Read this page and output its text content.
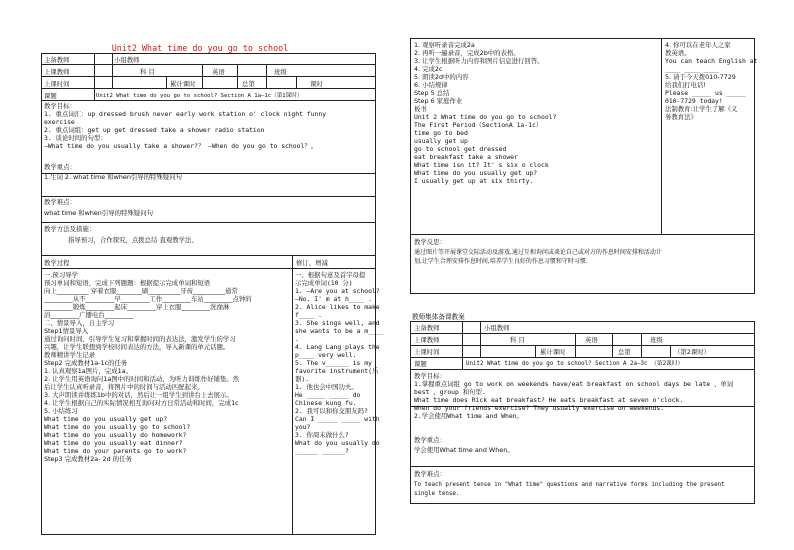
Unit2 What time do you go to school
主备教师	小组教师
上课教师	科 目	英语	班级
上课时间	累计课时	总第	课时
课题	Unit2 What time do you go to school? Section A 1a—1c（第1课时）
教学目标：
1. 重点词汇：up dressed brush never early work station o' clock night funny
exercise
2. 重点词组：get up get dressed take a shower radio station
3. 谈论时间的句型：
—What time do you usually take a shower?？ —When do you go to school？。
教学重点：
1.生词 2. what time 和when引导的特殊疑问句
教学难点：
what time 和when引导的特殊疑问句
教学方法及措施：
指导预习，合作探究，点拨总结 直观教学法、
教学过程	修订、增减
一.预习导学
预习单词和短语，完成下列题题：根据提示完成单词和短语
向上__________ 穿着衣服________刷__________牙齿__________通常
_________从不_________早_________工作_________车站_________点钟的
_________锻炼_________起床_________穿上衣服_________洗澡淋
浴_________广播电台_________
二、情景导入，自主学习
Step1情景导入
通过询问时间，引导学生复习和掌握时间的表达法，激发学生的学习
兴趣，让学生联想到学校时间表达的方法，导入新课的单元话题。
教师精讲学生记录
Step2 完成教材1a-1c的任务
1. 认真观察1a图片，完成1a。
2. 让学生用英语询问1a图中的时间和活动，为听力训练作好铺垫。然
后让学生认真听录音，将图片中的时间与活动匹配起来。
3. 大声朗读并练练1b中的对话，然后让一组学生到讲台上去展示。
4. 让学生根据自己的实际情况相互询问对方日常活动和时间，完成1c
5. 小结练习
What time do you usually get up?
What time do you usually go to school?
What time do you usually do homework?
What time do you usually eat dinner?
What time do your parents go to work?
Step3 完成教材2a- 2d 的任务
一、根据句意及首字母提
示完成单词(10 分)
1. —Are you at school?
—No. I' m at h____ .
2. Alice likes to make
f____ .
3. She sings well, and
she wants to be a m____
.
4. Lang Lang plays the
p____ very well.
5. The v______ is my
favorite instrument(乐
器).
1. 他也会中国功夫。
He _____ _____ do
Chinese kung fu.
2. 我可以和你交朋友吗?
Can I _____ _____ with
you?
3. 你周末做什么?
What do you usually do
______ ______?
1. 观察听录音完成2a
2. 再听一遍录音，完成2b中的表格。
3. 让学生根据听力内容和图片信息进行回答。
4. 完成2c
5. 朗读2d中的内容
6. 小结规律
Step 5 总结
Step 6 家庭作业
板书
Unit 2 What time do you go to school?
The First Period（SectionA 1a-1c）
time go to bed
usually get up
go to school get dressed
eat breakfast take a shower
What time isn it? It' s six o clock
What time do you usually get up?
I usually get up at six thirty.
4. 你可以在老年人之家
教英语。
You can teach English at
____ ____ ____
5. 请于今天拨010-7729
给我们打电话!
Please _____ us _____
010-7729 today!
法制教育:让学生了解《义
务教育法》
教学反思：
通过图片等开展课堂交际活动及游戏,通过互相询问或谈论自己或对方的作息时间安排和活动计
划,让学生合理安排作息时间,培养学生良好的作息习惯和守时习惯.
教师集体备课教案
主备教师	小组教师
上课教师	科 目	英语	班级
上课时间	累计课时	总第	（第2课时）
课题	Unit2 What time do you go to school? Section A 2a—3c （第2课时）
教学目标：
1.掌握重点词组 go to work on weekends have/eat breakfast on school days be late 、单词
best 、group 和句型.
What time does Rick eat breakfast? He eats breakfast at seven o'clock.
When do your friends exercise? They usually exercise on weekends.
2.学会使用What time and When。
教学重点：
学会使用What time and When。
教学难点：
To teach present tense in "What time" questions and narrative forms including the present
single tense.
